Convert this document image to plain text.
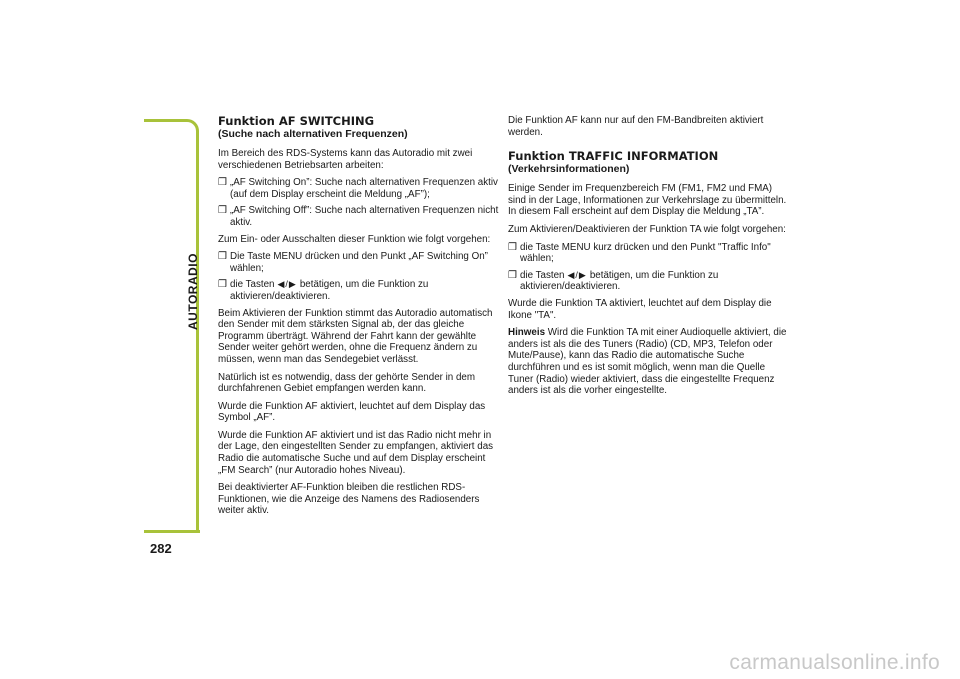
AUTORADIO
282
Funktion AF SWITCHING
(Suche nach alternativen Frequenzen)

Im Bereich des RDS-Systems kann das Autoradio mit zwei verschiedenen Betriebsarten arbeiten:

❒ „AF Switching On”: Suche nach alternativen Frequenzen aktiv (auf dem Display erscheint die Meldung „AF”);
❒ „AF Switching Off”: Suche nach alternativen Frequenzen nicht aktiv.

Zum Ein- oder Ausschalten dieser Funktion wie folgt vorgehen:

❒ Die Taste MENU drücken und den Punkt „AF Switching On” wählen;
❒ die Tasten ◀/▶ betätigen, um die Funktion zu aktivieren/deaktivieren.

Beim Aktivieren der Funktion stimmt das Autoradio automatisch den Sender mit dem stärksten Signal ab, der das gleiche Programm überträgt. Während der Fahrt kann der gewählte Sender weiter gehört werden, ohne die Frequenz ändern zu müssen, wenn man das Sendegebiet verlässt.

Natürlich ist es notwendig, dass der gehörte Sender in dem durchfahrenen Gebiet empfangen werden kann.

Wurde die Funktion AF aktiviert, leuchtet auf dem Display das Symbol „AF”.

Wurde die Funktion AF aktiviert und ist das Radio nicht mehr in der Lage, den eingestellten Sender zu empfangen, aktiviert das Radio die automatische Suche und auf dem Display erscheint „FM Search” (nur Autoradio hohes Niveau).

Bei deaktivierter AF-Funktion bleiben die restlichen RDS-Funktionen, wie die Anzeige des Namens des Radiosenders weiter aktiv.

Die Funktion AF kann nur auf den FM-Bandbreiten aktiviert werden.

Funktion TRAFFIC INFORMATION
(Verkehrsinformationen)

Einige Sender im Frequenzbereich FM (FM1, FM2 und FMA) sind in der Lage, Informationen zur Verkehrslage zu übermitteln. In diesem Fall erscheint auf dem Display die Meldung „TA”.

Zum Aktivieren/Deaktivieren der Funktion TA wie folgt vorgehen:

❒ die Taste MENU kurz drücken und den Punkt "Traffic Info" wählen;
❒ die Tasten ◀/▶ betätigen, um die Funktion zu aktivieren/deaktivieren.

Wurde die Funktion TA aktiviert, leuchtet auf dem Display die Ikone "TA".

Hinweis Wird die Funktion TA mit einer Audioquelle aktiviert, die anders ist als die des Tuners (Radio) (CD, MP3, Telefon oder Mute/Pause), kann das Radio die automatische Suche durchführen und es ist somit möglich, wenn man die Quelle Tuner (Radio) wieder aktiviert, dass die eingestellte Frequenz anders ist als die vorher eingestellte.

carmanualsonline.info
